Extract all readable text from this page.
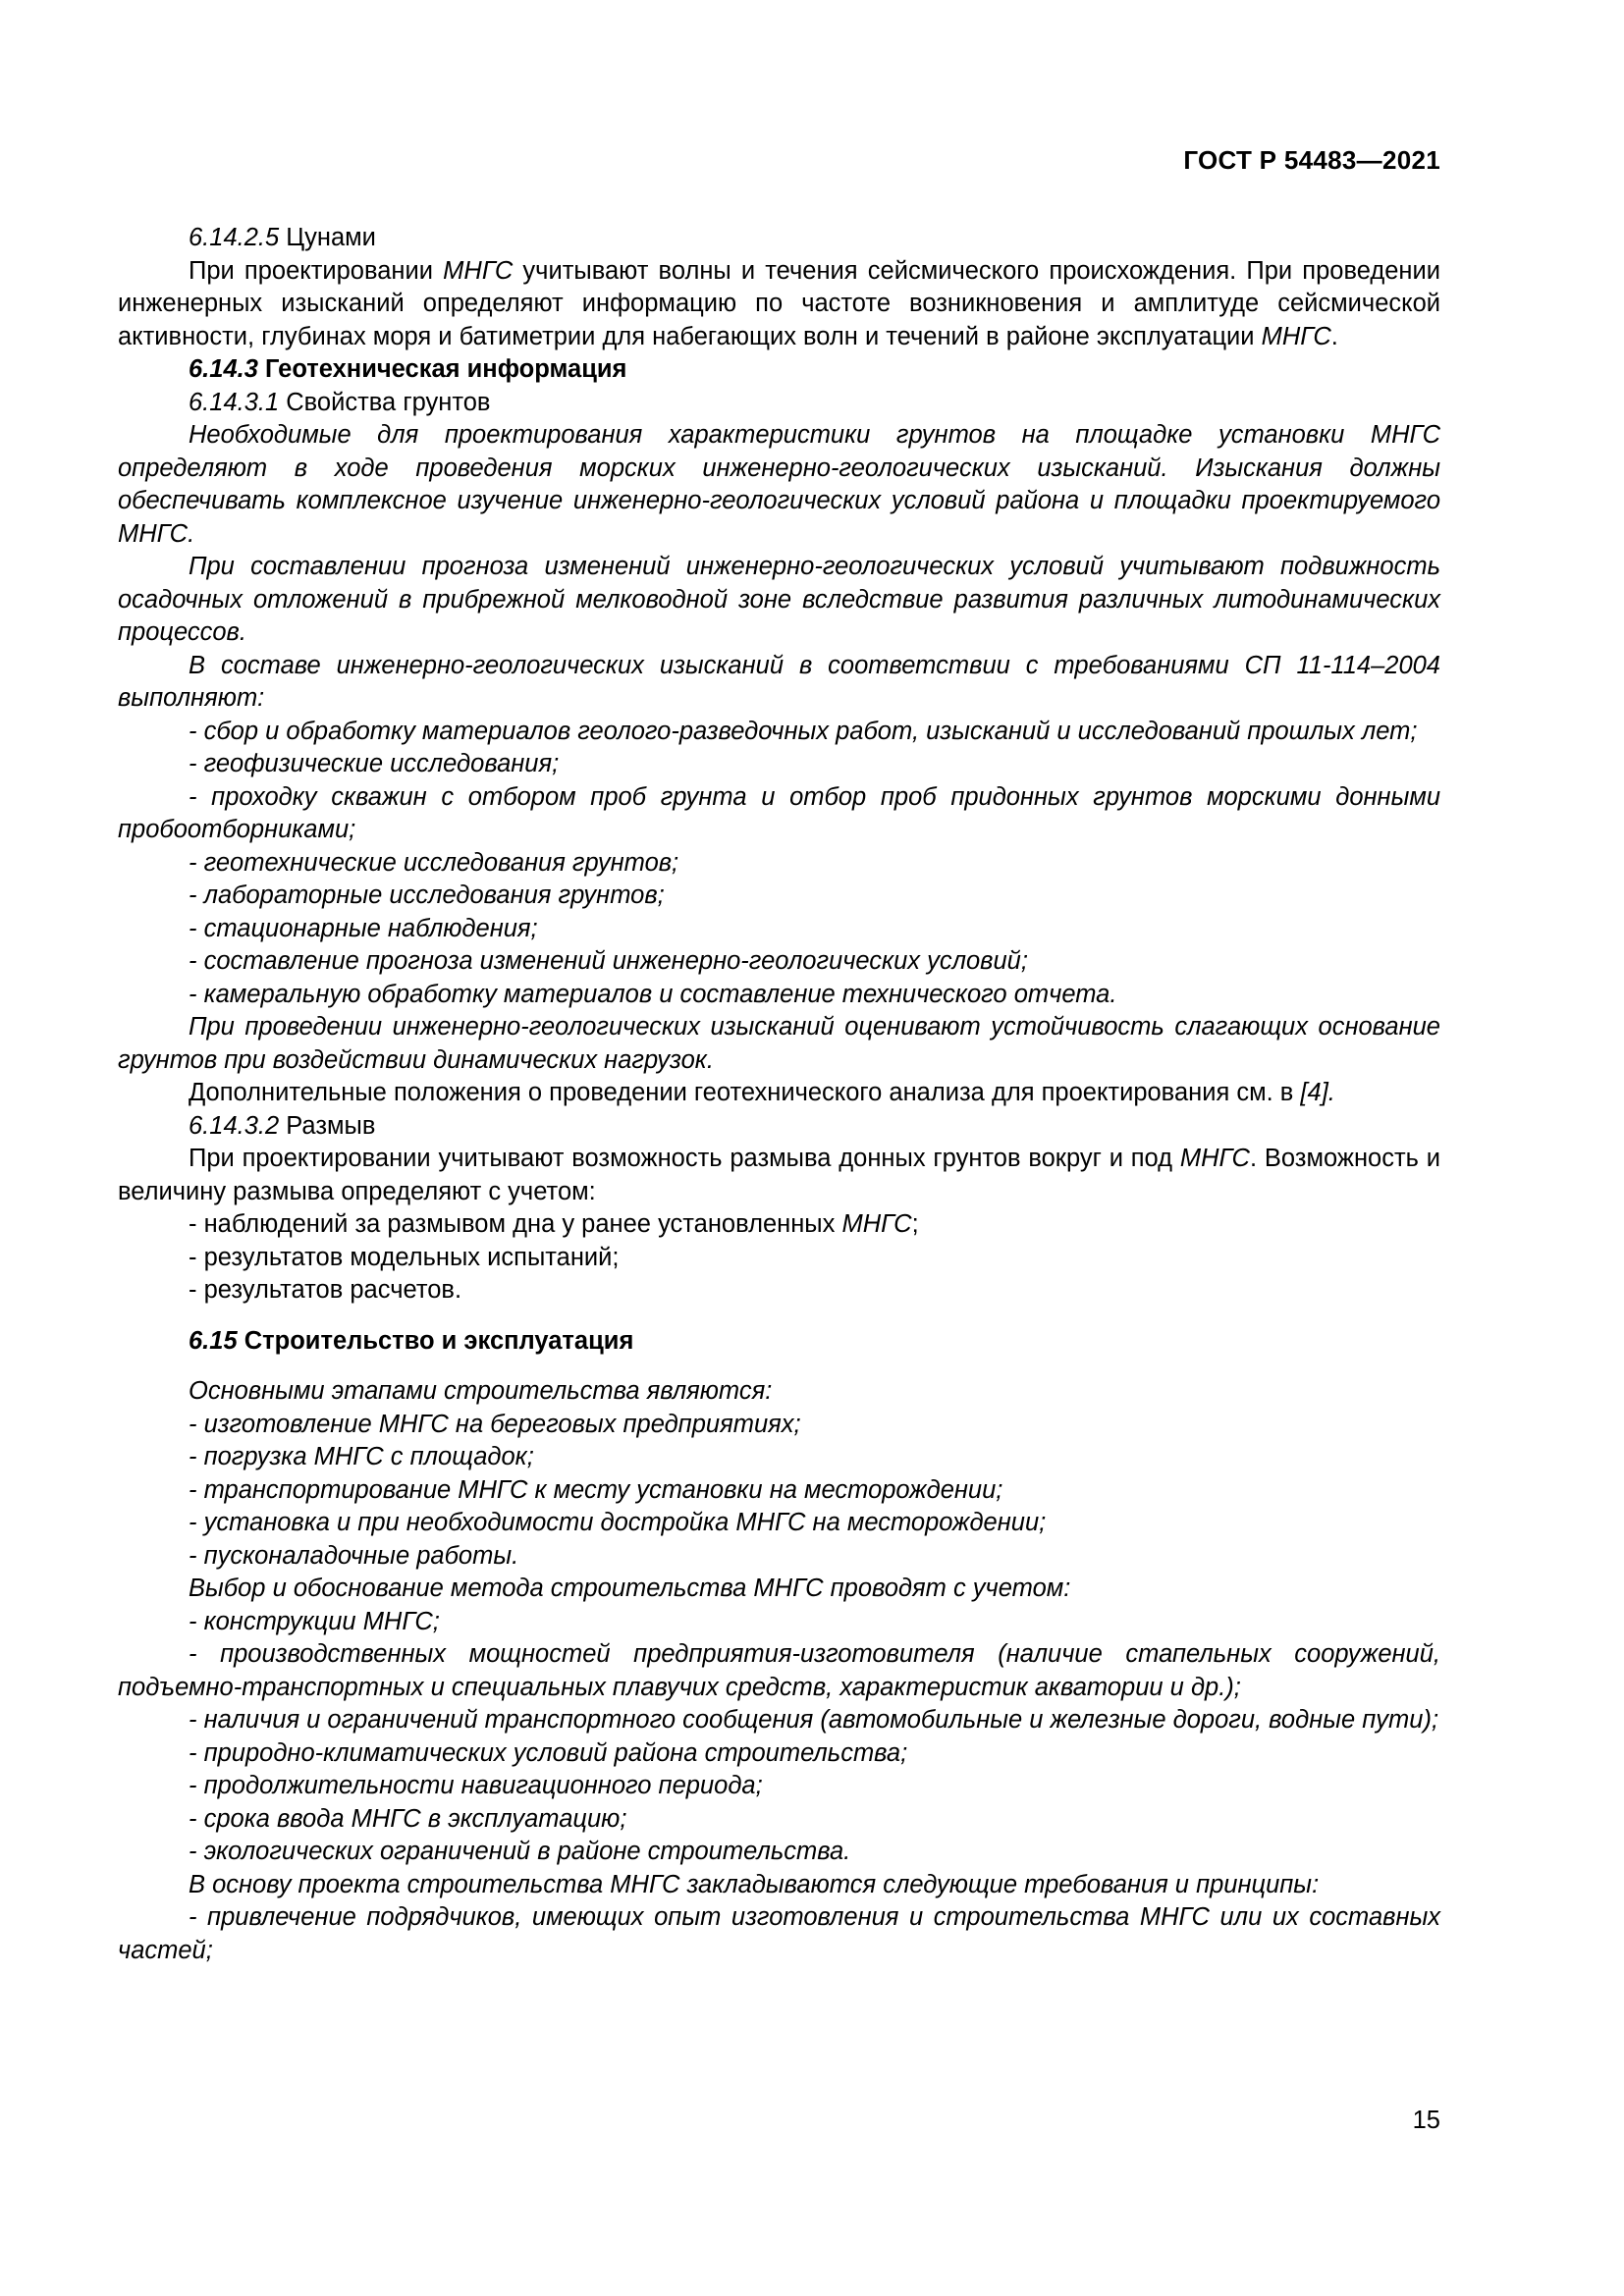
ГОСТ Р 54483—2021

6.14.2.5 Цунами

При проектировании МНГС учитывают волны и течения сейсмического происхождения. При проведении инженерных изысканий определяют информацию по частоте возникновения и амплитуде сейсмической активности, глубинах моря и батиметрии для набегающих волн и течений в районе эксплуатации МНГС.

6.14.3 Геотехническая информация

6.14.3.1 Свойства грунтов

Необходимые для проектирования характеристики грунтов на площадке установки МНГС определяют в ходе проведения морских инженерно-геологических изысканий. Изыскания должны обеспечивать комплексное изучение инженерно-геологических условий района и площадки проектируемого МНГС.

При составлении прогноза изменений инженерно-геологических условий учитывают подвижность осадочных отложений в прибрежной мелководной зоне вследствие развития различных литодинамических процессов.

В составе инженерно-геологических изысканий в соответствии с требованиями СП 11-114–2004 выполняют:

- сбор и обработку материалов геолого-разведочных работ, изысканий и исследований прошлых лет;

- геофизические исследования;

- проходку скважин с отбором проб грунта и отбор проб придонных грунтов морскими донными пробоотборниками;

- геотехнические исследования грунтов;

- лабораторные исследования грунтов;

- стационарные наблюдения;

- составление прогноза изменений инженерно-геологических условий;

- камеральную обработку материалов и составление технического отчета.

При проведении инженерно-геологических изысканий оценивают устойчивость слагающих основание грунтов при воздействии динамических нагрузок.

Дополнительные положения о проведении геотехнического анализа для проектирования см. в [4].

6.14.3.2 Размыв

При проектировании учитывают возможность размыва донных грунтов вокруг и под МНГС. Возможность и величину размыва определяют с учетом:

- наблюдений за размывом дна у ранее установленных МНГС;

- результатов модельных испытаний;

- результатов расчетов.

6.15 Строительство и эксплуатация

Основными этапами строительства являются:

- изготовление МНГС на береговых предприятиях;

- погрузка МНГС с площадок;

- транспортирование МНГС к месту установки на месторождении;

- установка и при необходимости достройка МНГС на месторождении;

- пусконаладочные работы.

Выбор и обоснование метода строительства МНГС проводят с учетом:

- конструкции МНГС;

- производственных мощностей предприятия-изготовителя (наличие стапельных сооружений, подъемно-транспортных и специальных плавучих средств, характеристик акватории и др.);

- наличия и ограничений транспортного сообщения (автомобильные и железные дороги, водные пути);

- природно-климатических условий района строительства;

- продолжительности навигационного периода;

- срока ввода МНГС в эксплуатацию;

- экологических ограничений в районе строительства.

В основу проекта строительства МНГС закладываются следующие требования и принципы:

- привлечение подрядчиков, имеющих опыт изготовления и строительства МНГС или их составных частей;

15
